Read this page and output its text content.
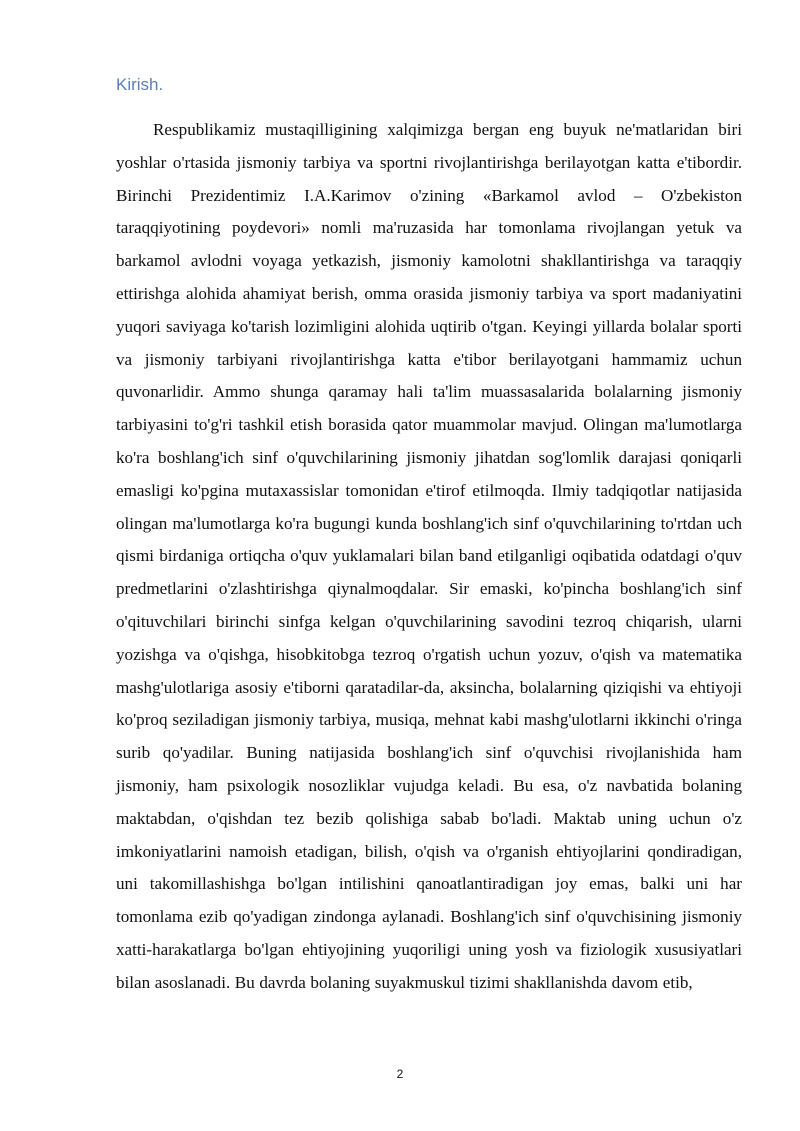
Kirish.

Respublikamiz mustaqilligining xalqimizga bergan eng buyuk ne'matlaridan biri yoshlar o'rtasida jismoniy tarbiya va sportni rivojlantirishga berilayotgan katta e'tibordir. Birinchi Prezidentimiz I.A.Karimov o'zining «Barkamol avlod – O'zbekiston taraqqiyotining poydevori» nomli ma'ruzasida har tomonlama rivojlangan yetuk va barkamol avlodni voyaga yetkazish, jismoniy kamolotni shakllantirishga va taraqqiy ettirishga alohida ahamiyat berish, omma orasida jismoniy tarbiya va sport madaniyatini yuqori saviyaga ko'tarish lozimligini alohida uqtirib o'tgan. Keyingi yillarda bolalar sporti va jismoniy tarbiyani rivojlantirishga katta e'tibor berilayotgani hammamiz uchun quvonarlidir. Ammo shunga qaramay hali ta'lim muassasalarida bolalarning jismoniy tarbiyasini to'g'ri tashkil etish borasida qator muammolar mavjud. Olingan ma'lumotlarga ko'ra boshlang'ich sinf o'quvchilarining jismoniy jihatdan sog'lomlik darajasi qoniqarli emasligi ko'pgina mutaxassislar tomonidan e'tirof etilmoqda. Ilmiy tadqiqotlar natijasida olingan ma'lumotlarga ko'ra bugungi kunda boshlang'ich sinf o'quvchilarining to'rtdan uch qismi birdaniga ortiqcha o'quv yuklamalari bilan band etilganligi oqibatida odatdagi o'quv predmetlarini o'zlashtirishga qiynalmoqdalar. Sir emaski, ko'pincha boshlang'ich sinf o'qituvchilari birinchi sinfga kelgan o'quvchilarining savodini tezroq chiqarish, ularni yozishga va o'qishga, hisobkitobga tezroq o'rgatish uchun yozuv, o'qish va matematika mashg'ulotlariga asosiy e'tiborni qaratadilar-da, aksincha, bolalarning qiziqishi va ehtiyoji ko'proq seziladigan jismoniy tarbiya, musiqa, mehnat kabi mashg'ulotlarni ikkinchi o'ringa surib qo'yadilar. Buning natijasida boshlang'ich sinf o'quvchisi rivojlanishida ham jismoniy, ham psixologik nosozliklar vujudga keladi. Bu esa, o'z navbatida bolaning maktabdan, o'qishdan tez bezib qolishiga sabab bo'ladi. Maktab uning uchun o'z imkoniyatlarini namoish etadigan, bilish, o'qish va o'rganish ehtiyojlarini qondiradigan, uni takomillashishga bo'lgan intilishini qanoatlantiradigan joy emas, balki uni har tomonlama ezib qo'yadigan zindonga aylanadi. Boshlang'ich sinf o'quvchisining jismoniy xatti-harakatlarga bo'lgan ehtiyojining yuqoriligi uning yosh va fiziologik xususiyatlari bilan asoslanadi. Bu davrda bolaning suyakmuskul tizimi shakllanishda davom etib,

2
